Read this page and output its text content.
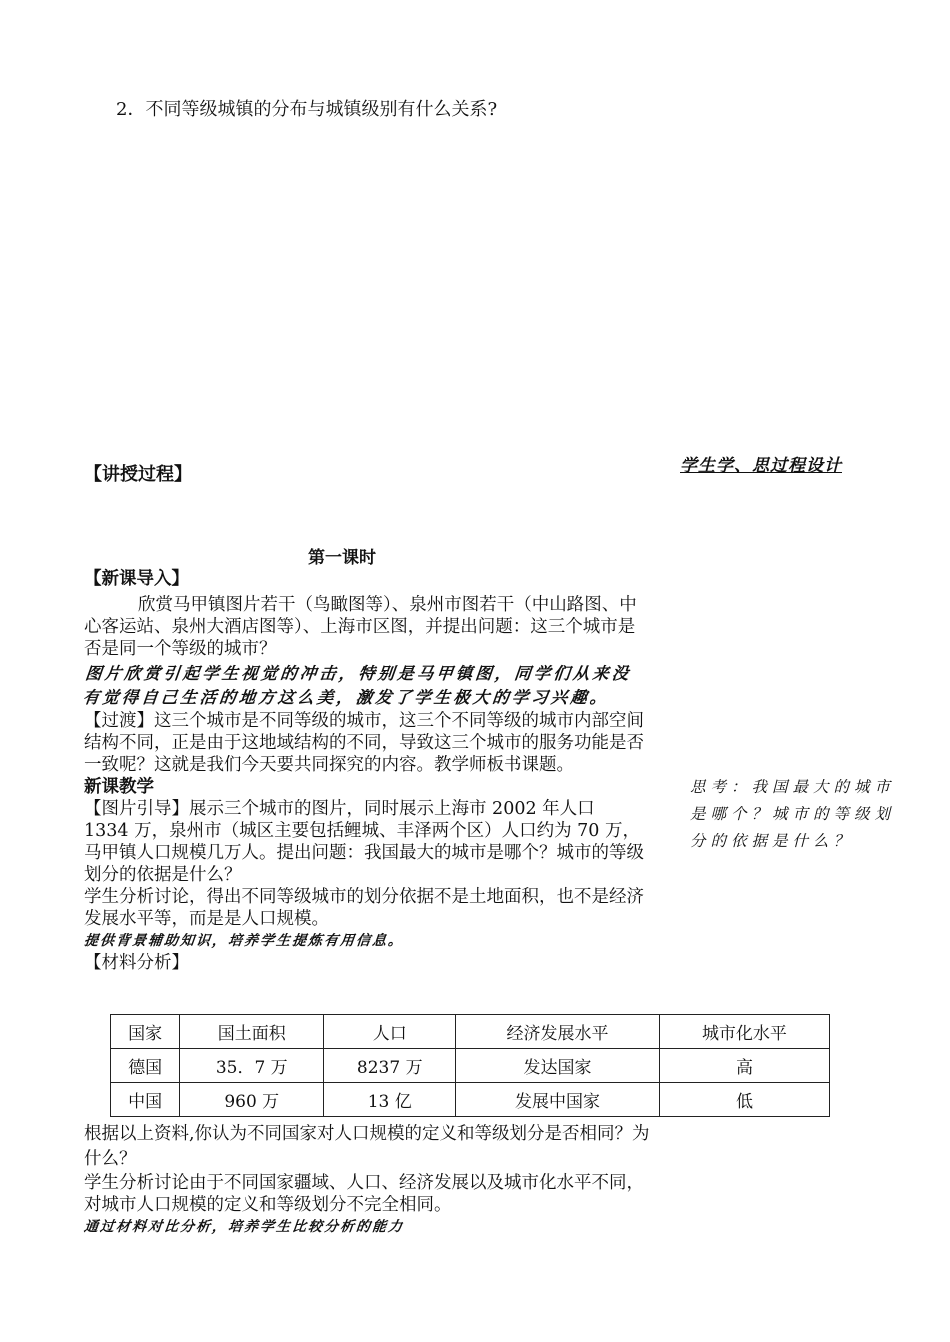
2．不同等级城镇的分布与城镇级别有什么关系?
【讲授过程】	学生学、思过程设计
第一课时
【新课导入】
欣赏马甲镇图片若干（鸟瞰图等）、泉州市图若干（中山路图、中心客运站、泉州大酒店图等）、上海市区图，并提出问题：这三个城市是否是同一个等级的城市？
图片欣赏引起学生视觉的冲击，特别是马甲镇图，同学们从来没有觉得自己生活的地方这么美，激发了学生极大的学习兴趣。
【过渡】这三个城市是不同等级的城市，这三个不同等级的城市内部空间结构不同，正是由于这地域结构的不同，导致这三个城市的服务功能是否一致呢？这就是我们今天要共同探究的内容。教学师板书课题。
新课教学
【图片引导】展示三个城市的图片，同时展示上海市 2002 年人口 1334 万，泉州市（城区主要包括鲤城、丰泽两个区）人口约为 70 万，马甲镇人口规模几万人。提出问题：我国最大的城市是哪个？城市的等级划分的依据是什么？
学生分析讨论，得出不同等级城市的划分依据不是土地面积，也不是经济发展水平等，而是是人口规模。
提供背景辅助知识，培养学生提炼有用信息。
【材料分析】
国家	国土面积	人口	经济发展水平	城市化水平
德国	35．7 万	8237 万	发达国家	高
中国	960 万	13 亿	发展中国家	低
根据以上资料,你认为不同国家对人口规模的定义和等级划分是否相同？为什么？
学生分析讨论由于不同国家疆域、人口、经济发展以及城市化水平不同，对城市人口规模的定义和等级划分不完全相同。
通过材料对比分析，培养学生比较分析的能力
思考：我国最大的城市是哪个？城市的等级划分的依据是什么？
